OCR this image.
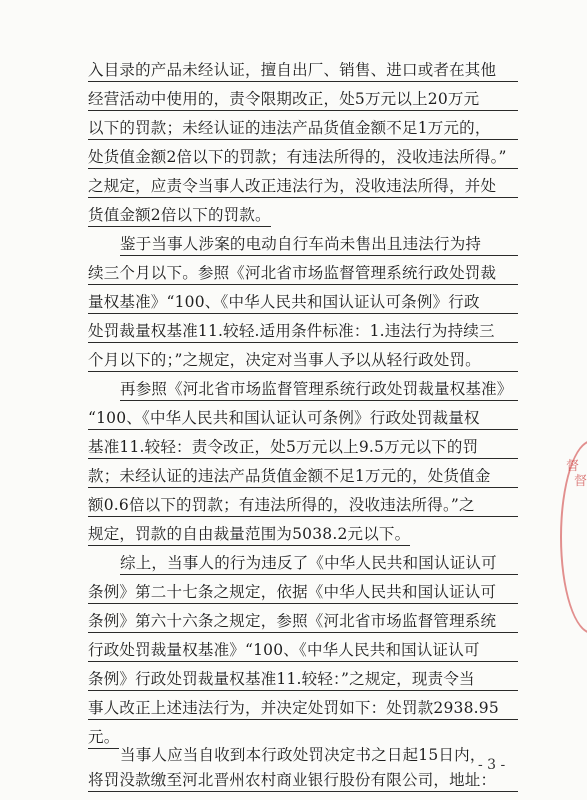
入目录的产品未经认证，擅自出厂、销售、进口或者在其他
经营活动中使用的，责令限期改正，处5万元以上20万元
以下的罚款；未经认证的违法产品货值金额不足1万元的，
处货值金额2倍以下的罚款；有违法所得的，没收违法所得。”
之规定，应责令当事人改正违法行为，没收违法所得，并处
货值金额2倍以下的罚款。
鉴于当事人涉案的电动自行车尚未售出且违法行为持
续三个月以下。参照《河北省市场监督管理系统行政处罚裁
量权基准》“100、《中华人民共和国认证认可条例》行政
处罚裁量权基准11.较轻.适用条件标准：1.违法行为持续三
个月以下的；”之规定，决定对当事人予以从轻行政处罚。
再参照《河北省市场监督管理系统行政处罚裁量权基准》
“100、《中华人民共和国认证认可条例》行政处罚裁量权
基准11.较轻：责令改正，处5万元以上9.5万元以下的罚
款；未经认证的违法产品货值金额不足1万元的，处货值金
额0.6倍以下的罚款；有违法所得的，没收违法所得。”之
规定，罚款的自由裁量范围为5038.2元以下。
综上，当事人的行为违反了《中华人民共和国认证认可
条例》第二十七条之规定，依据《中华人民共和国认证认可
条例》第六十六条之规定，参照《河北省市场监督管理系统
行政处罚裁量权基准》“100、《中华人民共和国认证认可
条例》行政处罚裁量权基准11.较轻：”之规定，现责令当
事人改正上述违法行为，并决定处罚如下：处罚款2938.95
元。
当事人应当自收到本行政处罚决定书之日起15日内，
将罚没款缴至河北晋州农村商业银行股份有限公司，地址：
- 3 -
督
督
